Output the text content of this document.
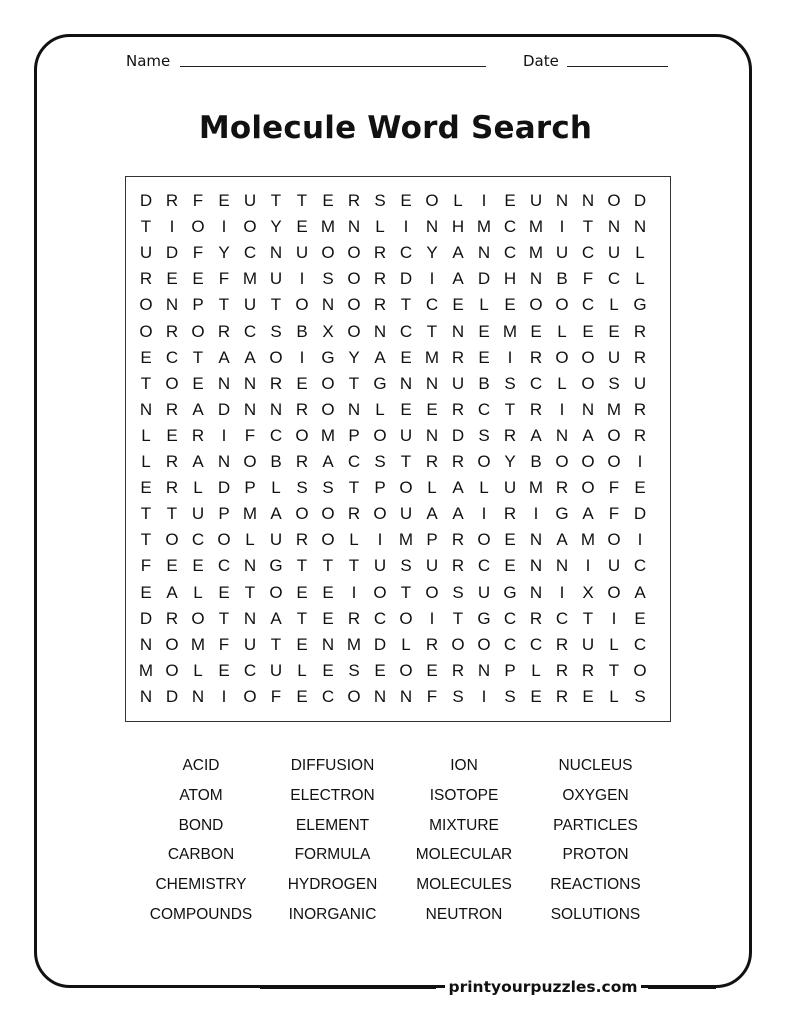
Name	Date
Molecule Word Search
D R F E U T T E R S E O L	I	E U N N O D
T	I	O	I	O Y E M N L	I	N H M C M I	T N N
U D F Y C N U O O R C Y A N C M U C U L
R E E F M U	I	S O R D	I	A D H N B F C L
O N P T U T O N O R T C E L E O O C L G
O R O R C S B X O N C T N E M E L E E R
E C T A A O	I	G Y A E M R E	I	R O O U R
T O E N N R E O T G N N U B S C L O S U
N R A D N N R O N L E E R C T R	I	N M R
L E R	I	F C O M P O U N D S R A N A O R
L R A N O B R A C S T R R O Y B O O O	I
E R L D P L S S T P O L A L U M R O F E
T T U P M A O O R O U A A	I	R	I	G A F D
T O C O L U R O L	I M P R O E N A M O	I
F E E C N G T T T U S U R C E N N	I	U C
E A L E T O E E	I	O T O S U G N	I	X O A
D R O T N A T E R C O	I	T G C R C T	I	E
N O M F U T E N M D L R O O C C R U L C
M O L E C U L E S E O E R N P L R R T O
N D N	I	O F E C O N N F S	I	S E R E L S
ACID	DIFFUSION	ION	NUCLEUS
ATOM	ELECTRON	ISOTOPE	OXYGEN
BOND	ELEMENT	MIXTURE	PARTICLES
CARBON	FORMULA	MOLECULAR	PROTON
CHEMISTRY	HYDROGEN	MOLECULES	REACTIONS
COMPOUNDS	INORGANIC	NEUTRON	SOLUTIONS
printyourpuzzles.com
